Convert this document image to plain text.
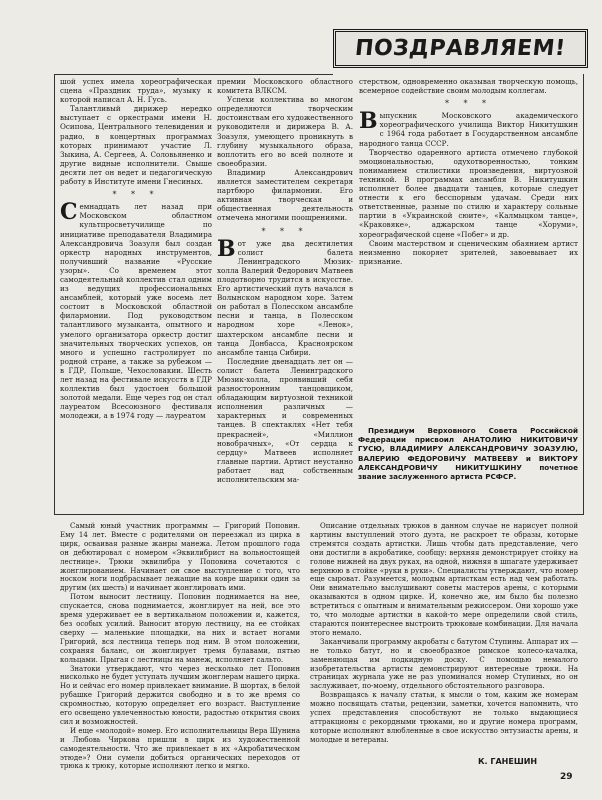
ПОЗДРАВЛЯЕМ!

шой успех имела хореографическая сцена «Праздник труда», музыку к которой написал А. Н. Гусь.

Талантливый дирижер нередко выступает с оркестрами имени Н. Осипова, Центрального телевидения и радио, в концертных программах которых принимают участие Л. Зыкина, А. Сергеев, А. Соловьяненко и другие видные исполнители. Свыше десяти лет он ведет и педагогическую работу в Институте имени Гнесиных.

* * *

Семнадцать лет назад при Московском областном культпросветучилище по инициативе преподавателя Владимира Александровича Зоазуля был создан оркестр народных инструментов, получивший название «Русские узоры». Со временем этот самодеятельный коллектив стал одним из ведущих профессиональных ансамблей, который уже восемь лет состоит в Московской областной филармонии. Под руководством талантливого музыканта, опытного и умелого организатора оркестр достиг значительных творческих успехов, он много и успешно гастролирует по родной стране, а также за рубежом — в ГДР, Польше, Чехословакии. Шесть лет назад на фестивале искусств в ГДР коллектив был удостоен большой золотой медали. Еще через год он стал лауреатом Всесоюзного фестиваля молодежи, а в 1974 году — лауреатом

премии Московского областного комитета ВЛКСМ.

Успехи коллектива во многом определяются творческим достоинствам его художественного руководителя и дирижера В. А. Зоазуля, умеющего проникнуть в глубину музыкального образа, воплотить его во всей полноте и своеобразии.

Владимир Александрович является заместителем секретаря партбюро филармонии. Его активная творческая и общественная деятельность отмечена многими поощрениями.

* * *

Вот уже два десятилетия солист балета Ленинградского Мюзик-холла Валерий Федорович Матвеев плодотворно трудится в искусстве. Его артистический путь начался в Волынском народном хоре. Затем он работал в Полесском ансамбле песни и танца, в Полесском народном хоре «Ленок», шахтерском ансамбле песни и танца Донбасса, Красноярском ансамбле танца Сибири.

Последние двенадцать лет он — солист балета Ленинградского Мюзик-холла, проявивший себя разносторонним танцовщиком, обладающим виртуозной техникой исполнения различных — характерных и современных танцев. В спектаклях «Нет тебя прекрасней», «Миллион новобрачных», «От сердца к сердцу» Матвеев исполняет главные партии. Артист неустанно работает над собственным исполнительским ма-

стерством, одновременно оказывая творческую помощь, всемерное содействие своим молодым коллегам.

* * *

Выпускник Московского академического хореографического училища Виктор Никитушкин с 1964 года работает в Государственном ансамбле народного танца СССР.

Творчество одаренного артиста отмечено глубокой эмоциональностью, одухотворенностью, тонким пониманием стилистики произведения, виртуозной техникой. В программах ансамбля В. Никитушкин исполняет более двадцати танцев, которые следует отнести к его бесспорным удачам. Среди них ответственные, разные по стилю и характеру сольные партии в «Украинской сюите», «Калмыцком танце», «Краковяке», аджарском танце «Хоруми», хореографической сцене «Побег» и др.

Своим мастерством и сценическим обаянием артист неизменно покоряет зрителей, завоевывает их признание.

Президиум Верховного Совета Российской Федерации присвоил АНАТОЛИЮ НИКИТОВИЧУ ГУСЮ, ВЛАДИМИРУ АЛЕКСАНДРОВИЧУ ЗОАЗУЛЮ, ВАЛЕРИЮ ФЕДОРОВИЧУ МАТВЕЕВУ и ВИКТОРУ АЛЕКСАНДРОВИЧУ НИКИТУШКИНУ почетное звание заслуженного артиста РСФСР.

Самый юный участник программы — Григорий Поповин. Ему 14 лет. Вместе с родителями он переезжал из цирка в цирк, осваивая разные жанры манежа. Летом прошлого года он дебютировал с номером «Эквилибрист на вольностоящей лестнице». Трюки эквилибра у Поповина сочетаются с жонглированием. Начинает он свое выступление с того, что носком ноги подбрасывает лежащие на ковре шарики один за другим (их шесть) и начинает жонглировать ими.

Потом выносит лестницу. Поповин поднимается на нее, спускается, снова поднимается, жонглирует на ней, все это время удерживает ее в вертикальном положении и, кажется, без особых усилий. Выносит вторую лестницу, на ее стойках сверху — маленькие площадки, на них и встает ногами Григорий, вся лестница теперь под ним. В этом положении, сохраняя баланс, он жонглирует тремя булавами, пятью кольцами. Прыгая с лестницы на манеж, исполняет сальто.

Знатоки утверждают, что через несколько лет Поповин нисколько не будет уступать лучшим жонглерам нашего цирка. Но и сейчас его номер привлекает внимание. В шортах, в белой рубашке Григорий держится свободно и в то же время со скромностью, которую определяет его возраст. Выступление его освещено увлеченностью юности, радостью открытия своих сил и возможностей.

И еще «молодой» номер. Его исполнительницы Вера Шунина и Любовь Чиркова пришли в цирк из художественной самодеятельности. Что же привлекает в их «Акробатическом этюде»? Они сумели добиться органических переходов от трюка к трюку, которые исполняют легко и мягко.

Описание отдельных трюков в данном случае не нарисует полной картины выступлений этого дуэта, не раскроет те образы, которые стремятся создать артистки. Лишь чтобы дать представление, чего они достигли в акробатике, сообщу: верхняя демонстрирует стойку на голове нижней на двух руках, на одной, нижняя в шпагате удерживает верхнюю в стойке «руки в руки». Специалисты утверждают, что номер еще сыроват. Разумеется, молодым артисткам есть над чем работать. Они внимательно выслушивают советы мастеров арены, с которыми оказываются в одном цирке. И, конечно же, им было бы полезно встретиться с опытным и внимательным режиссером. Они хорошо уже то, что молодые артистки в какой-то мере определили свой стиль, стараются поинтереснее выстроить трюковые комбинации. Для начала этого немало.

Заканчивали программу акробаты с батутом Ступины. Аппарат их — не только батут, но и своеобразное римское колесо-качалка, заменяющая им подкидную доску. С помощью немалого изобретательства артисты демонстрируют интересные трюки. На страницах журнала уже не раз упоминался номер Ступиных, но он заслуживает, по-моему, отдельного обстоятельного разговора.

Возвращаясь к началу статьи, к мысли о том, каким же номерам можно посвящать статьи, рецензии, заметки, хочется напомнить, что успех представления способствуют не только выдающиеся аттракционы с рекордными трюками, но и другие номера программ, которые исполняют влюбленные в свое искусство энтузиасты арены, и молодые и ветераны.

К. ГАНЕШИН
29
